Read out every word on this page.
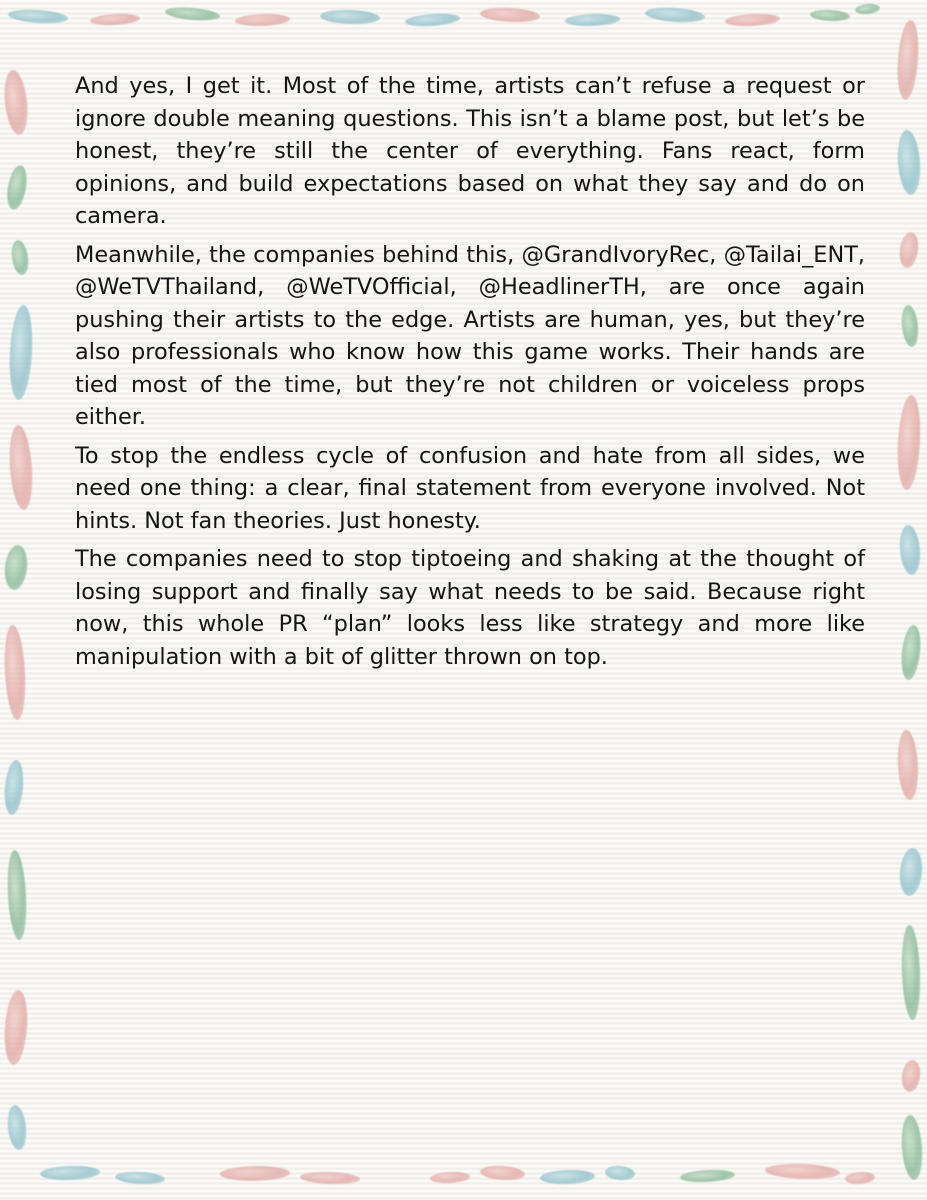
And yes, I get it. Most of the time, artists can’t refuse a request or ignore double meaning questions. This isn’t a blame post, but let’s be honest, they’re still the center of everything. Fans react, form opinions, and build expectations based on what they say and do on camera.

Meanwhile, the companies behind this, @GrandIvoryRec, @Tailai_ENT, @WeTVThailand, @WeTVOfficial, @HeadlinerTH, are once again pushing their artists to the edge. Artists are human, yes, but they’re also professionals who know how this game works. Their hands are tied most of the time, but they’re not children or voiceless props either.

To stop the endless cycle of confusion and hate from all sides, we need one thing: a clear, final statement from everyone involved. Not hints. Not fan theories. Just honesty.

The companies need to stop tiptoeing and shaking at the thought of losing support and finally say what needs to be said. Because right now, this whole PR “plan” looks less like strategy and more like manipulation with a bit of glitter thrown on top.
